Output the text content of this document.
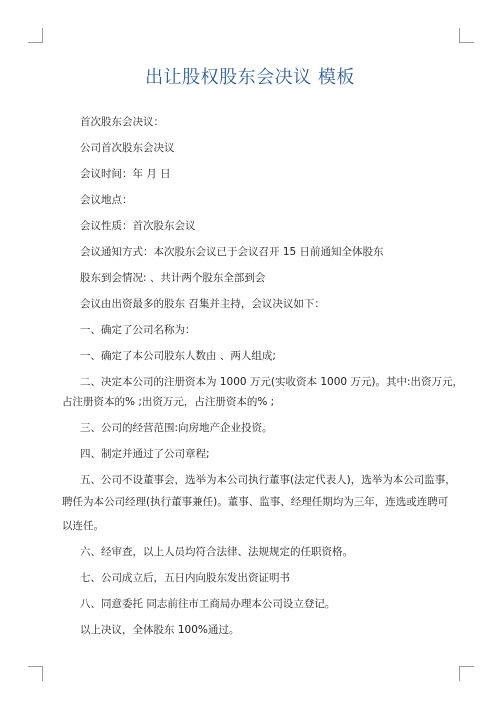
出让股权股东会决议 模板
首次股东会决议：
公司首次股东会决议
会议时间：年 月 日
会议地点：
会议性质：首次股东会议
会议通知方式：本次股东会议已于会议召开 15 日前通知全体股东
股东到会情况: 、共计两个股东全部到会
会议由出资最多的股东 召集并主持，会议决议如下：
一、确定了公司名称为：
一、确定了本公司股东人数由 、两人组成;
二、决定本公司的注册资本为 1000 万元(实收资本 1000 万元)。其中:出资万元，
占注册资本的% ;出资万元，占注册资本的% ;
三、公司的经营范围:向房地产企业投资。
四、制定并通过了公司章程;
五、公司不设董事会，选举为本公司执行董事(法定代表人)，选举为本公司监事，
聘任为本公司经理(执行董事兼任)。董事、监事、经理任期均为三年，连选或连聘可
以连任。
六、经审查，以上人员均符合法律、法规规定的任职资格。
七、公司成立后，五日内向股东发出资证明书
八、同意委托 同志前往市工商局办理本公司设立登记。
以上决议，全体股东 100%通过。
